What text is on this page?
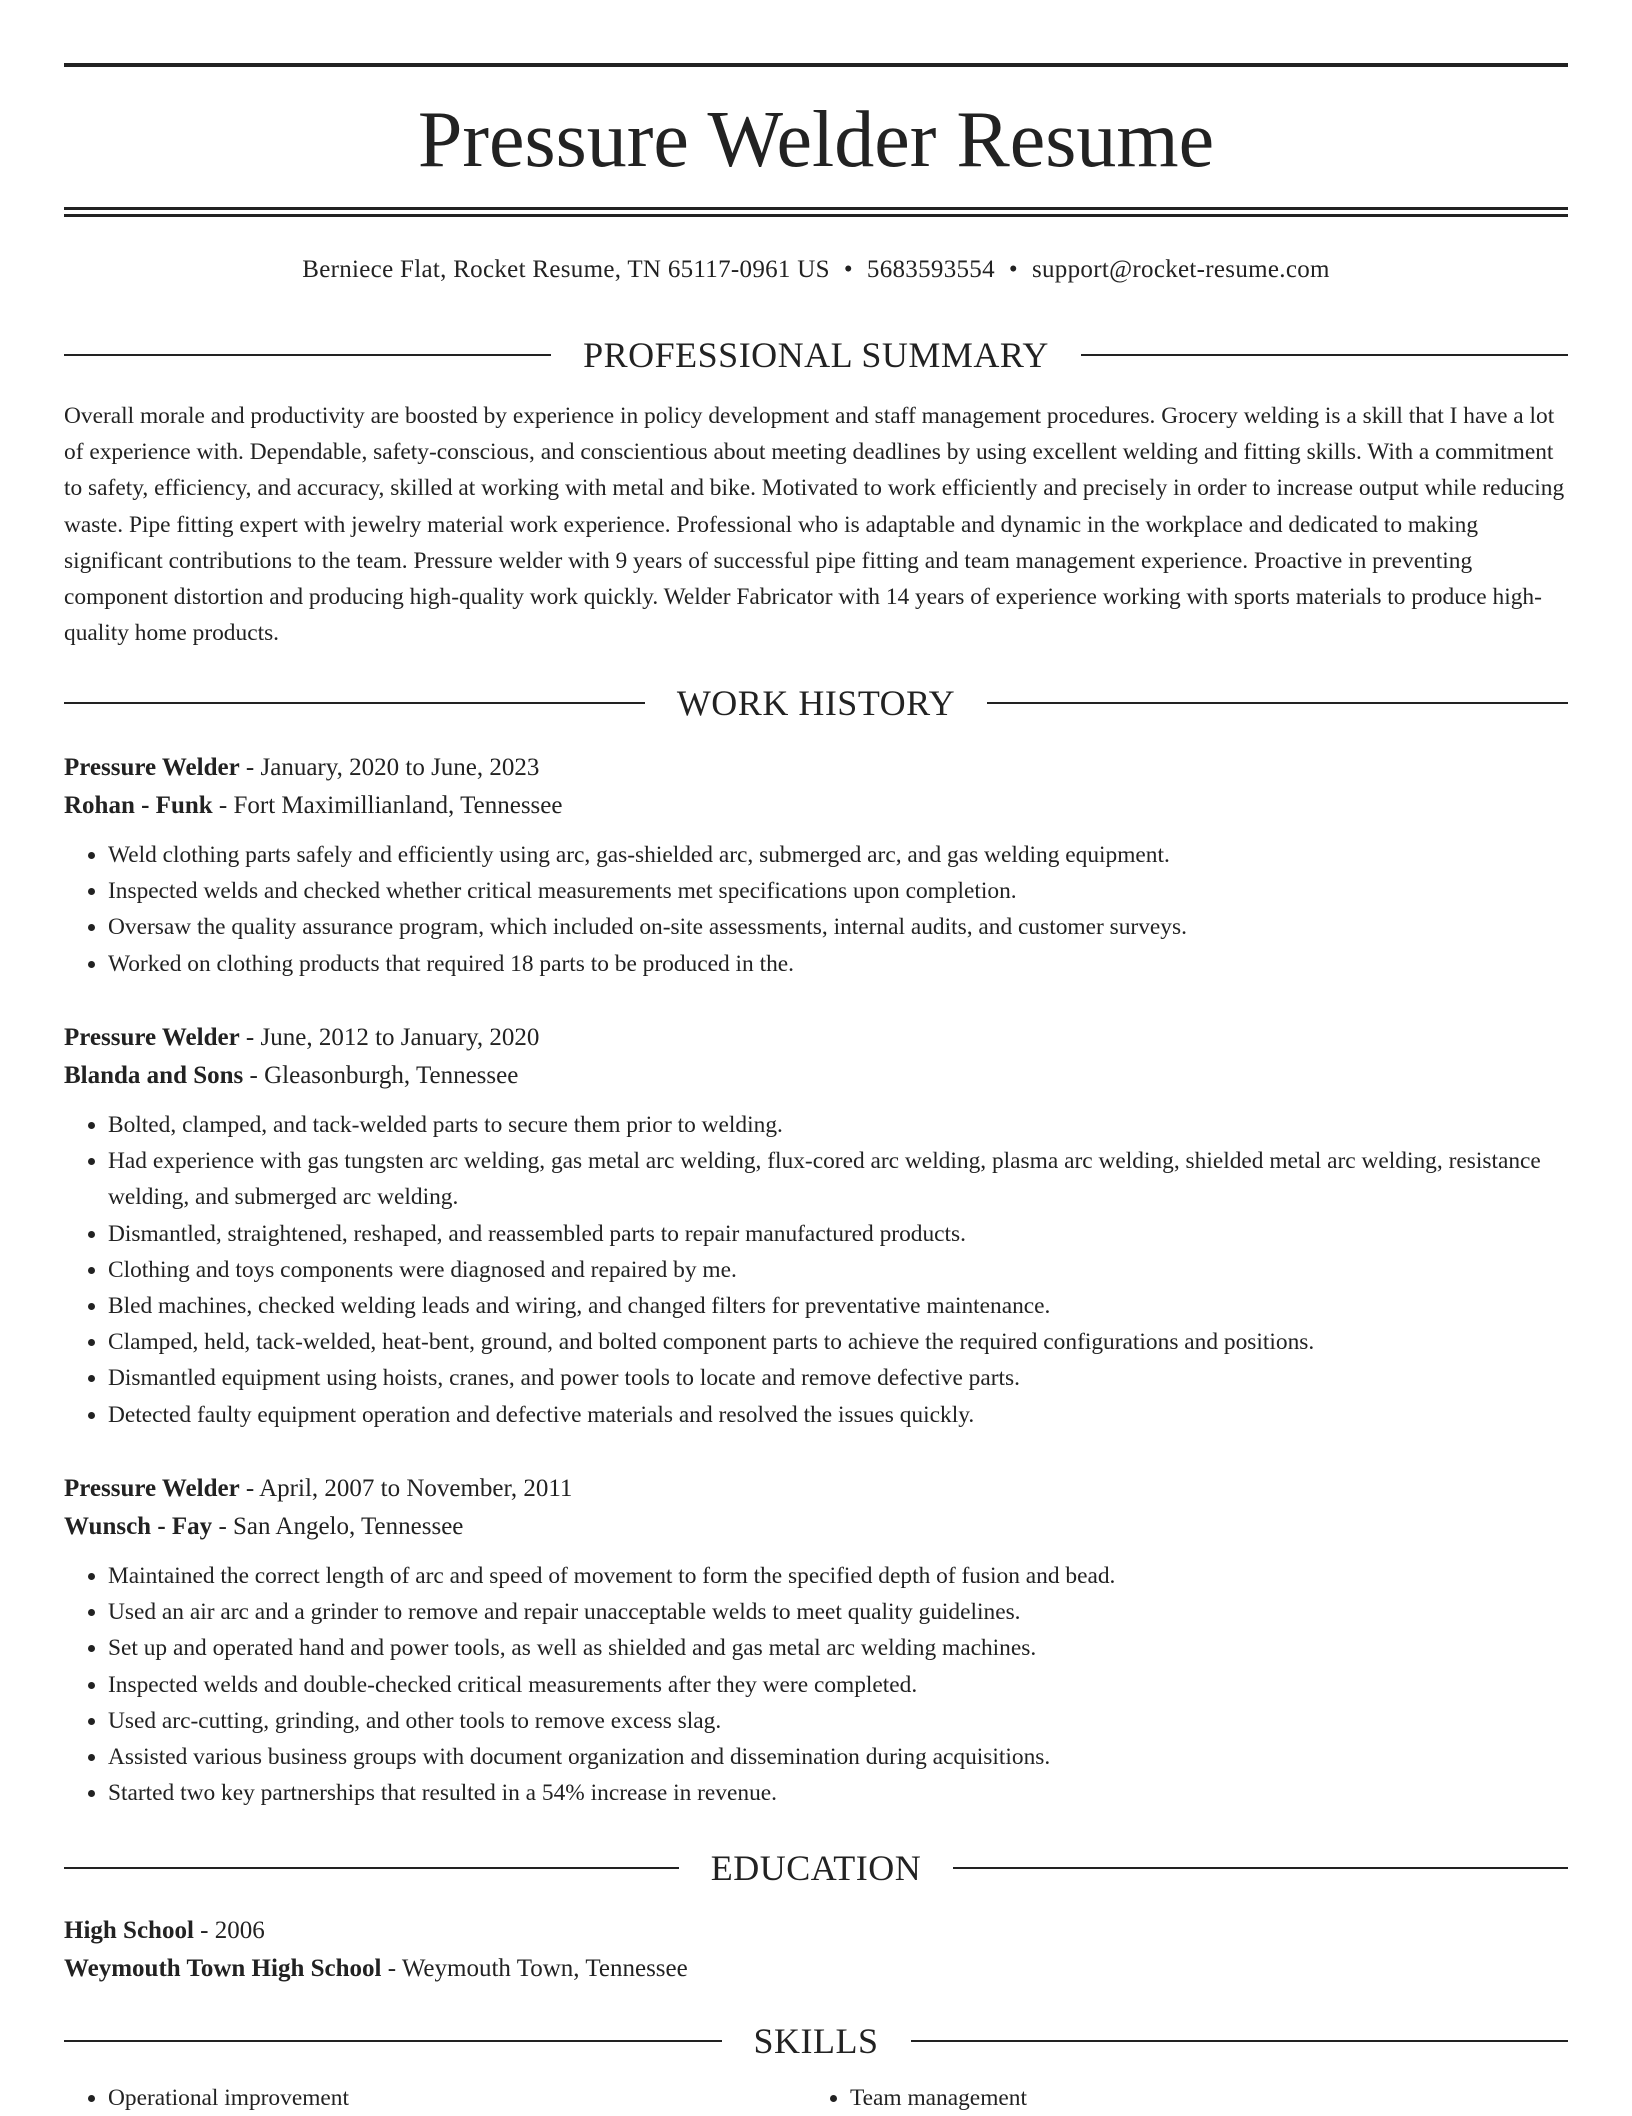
Pressure Welder Resume
Berniece Flat, Rocket Resume, TN 65117-0961 US • 5683593554 • support@rocket-resume.com
PROFESSIONAL SUMMARY

Overall morale and productivity are boosted by experience in policy development and staff management procedures. Grocery welding is a skill that I have a lot of experience with. Dependable, safety-conscious, and conscientious about meeting deadlines by using excellent welding and fitting skills. With a commitment to safety, efficiency, and accuracy, skilled at working with metal and bike. Motivated to work efficiently and precisely in order to increase output while reducing waste. Pipe fitting expert with jewelry material work experience. Professional who is adaptable and dynamic in the workplace and dedicated to making significant contributions to the team. Pressure welder with 9 years of successful pipe fitting and team management experience. Proactive in preventing component distortion and producing high-quality work quickly. Welder Fabricator with 14 years of experience working with sports materials to produce high-quality home products.

WORK HISTORY
Pressure Welder - January, 2020 to June, 2023
Rohan - Funk - Fort Maximillianland, Tennessee
• Weld clothing parts safely and efficiently using arc, gas-shielded arc, submerged arc, and gas welding equipment.
• Inspected welds and checked whether critical measurements met specifications upon completion.
• Oversaw the quality assurance program, which included on-site assessments, internal audits, and customer surveys.
• Worked on clothing products that required 18 parts to be produced in the.
Pressure Welder - June, 2012 to January, 2020
Blanda and Sons - Gleasonburgh, Tennessee
• Bolted, clamped, and tack-welded parts to secure them prior to welding.
• Had experience with gas tungsten arc welding, gas metal arc welding, flux-cored arc welding, plasma arc welding, shielded metal arc welding, resistance welding, and submerged arc welding.
• Dismantled, straightened, reshaped, and reassembled parts to repair manufactured products.
• Clothing and toys components were diagnosed and repaired by me.
• Bled machines, checked welding leads and wiring, and changed filters for preventative maintenance.
• Clamped, held, tack-welded, heat-bent, ground, and bolted component parts to achieve the required configurations and positions.
• Dismantled equipment using hoists, cranes, and power tools to locate and remove defective parts.
• Detected faulty equipment operation and defective materials and resolved the issues quickly.
Pressure Welder - April, 2007 to November, 2011
Wunsch - Fay - San Angelo, Tennessee
• Maintained the correct length of arc and speed of movement to form the specified depth of fusion and bead.
• Used an air arc and a grinder to remove and repair unacceptable welds to meet quality guidelines.
• Set up and operated hand and power tools, as well as shielded and gas metal arc welding machines.
• Inspected welds and double-checked critical measurements after they were completed.
• Used arc-cutting, grinding, and other tools to remove excess slag.
• Assisted various business groups with document organization and dissemination during acquisitions.
• Started two key partnerships that resulted in a 54% increase in revenue.
EDUCATION
High School - 2006
Weymouth Town High School - Weymouth Town, Tennessee
SKILLS
• Operational improvement
•	Team management
